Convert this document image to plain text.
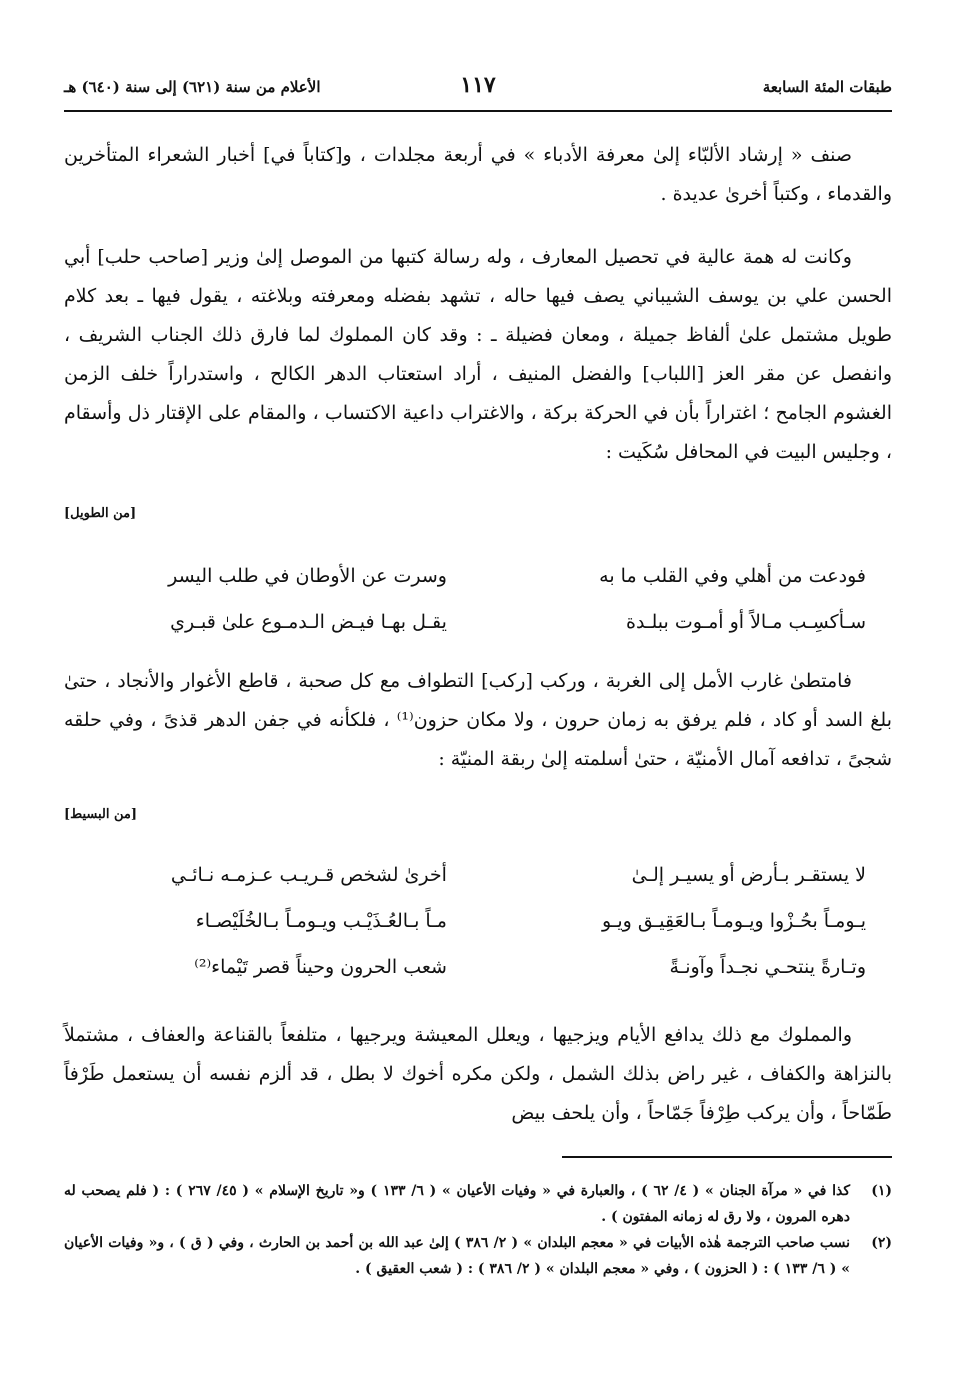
طبقات المئة السابعة
١١٧
الأعلام من سنة (٦٢١) إلى سنة (٦٤٠) هـ

صنف « إرشاد الألبّاء إلىٰ معرفة الأدباء » في أربعة مجلدات ، و[كتاباً في] أخبار الشعراء المتأخرين والقدماء ، وكتباً أخرىٰ عديدة .

وكانت له همة عالية في تحصيل المعارف ، وله رسالة كتبها من الموصل إلىٰ وزير [صاحب حلب] أبي الحسن علي بن يوسف الشيباني يصف فيها حاله ، تشهد بفضله ومعرفته وبلاغته ، يقول فيها ـ بعد كلام طويل مشتمل علىٰ ألفاظ جميلة ، ومعان فضيلة ـ : وقد كان المملوك لما فارق ذلك الجناب الشريف ، وانفصل عن مقر العز [اللباب] والفضل المنيف ، أراد استعتاب الدهر الكالح ، واستدراراً خلف الزمن الغشوم الجامح ؛ اغتراراً بأن في الحركة بركة ، والاغتراب داعية الاكتساب ، والمقام على الإقتار ذل وأسقام ، وجليس البيت في المحافل سُكَيت :

[من الطويل]
فودعت من أهلي وفي القلب ما به
وسرت عن الأوطان في طلب اليسر
سـأكسِـب مـالاً أو أمـوت ببلـدة
يقـل بهـا فيـض الـدمـوع علىٰ قبـري

فامتطىٰ غارب الأمل إلى الغربة ، وركب [ركب] التطواف مع كل صحبة ، قاطع الأغوار والأنجاد ، حتىٰ بلغ السد أو كاد ، فلم يرفق به زمان حرون ، ولا مكان حزون⁽¹⁾ ، فلكأنه في جفن الدهر قذىً ، وفي حلقه شجىً ، تدافعه آمال الأمنيّة ، حتىٰ أسلمته إلىٰ ربقة المنيّة :

[من البسيط]
لا يستقـر بـأرض أو يسيـر إلـىٰ
أخرىٰ لشخص قـريـب عـزمـه نـائـي
يـومـاً بحُـزْوا ويـومـاً بـالعَقِيـق ويـو
مـاً بـالعُـذَيْـب ويـومـاً بـالخُلَيْصـاء
وتـارةً ينتحـي نجـداً وآونـةً
شعب الحرون وحيناً قصر تَيْماء⁽²⁾

والمملوك مع ذلك يدافع الأيام ويزجيها ، ويعلل المعيشة ويرجيها ، متلفعاً بالقناعة والعفاف ، مشتملاً بالنزاهة والكفاف ، غير راض بذلك الشمل ، ولكن مكره أخوك لا بطل ، قد ألزم نفسه أن يستعمل طَرْفاً طَمّاحاً ، وأن يركب طِرْفاً جَمّاحاً ، وأن يلحف بيض

(١)
كذا في « مرآة الجنان » ( ٤/ ٦٢ ) ، والعبارة في « وفيات الأعيان » ( ٦/ ١٣٣ ) و« تاريخ الإسلام » ( ٤٥/ ٢٦٧ ) : ( فلم يصحب له دهره المرون ، ولا رق له زمانه المفتون ) .
(٢)
نسب صاحب الترجمة هٰذه الأبيات في « معجم البلدان » ( ٢/ ٣٨٦ ) إلىٰ عبد الله بن أحمد بن الحارث ، وفي ( ق ) ، و« وفيات الأعيان » ( ٦/ ١٣٣ ) : ( الحزون ) ، وفي « معجم البلدان » ( ٢/ ٣٨٦ ) : ( شعب العقيق ) .
